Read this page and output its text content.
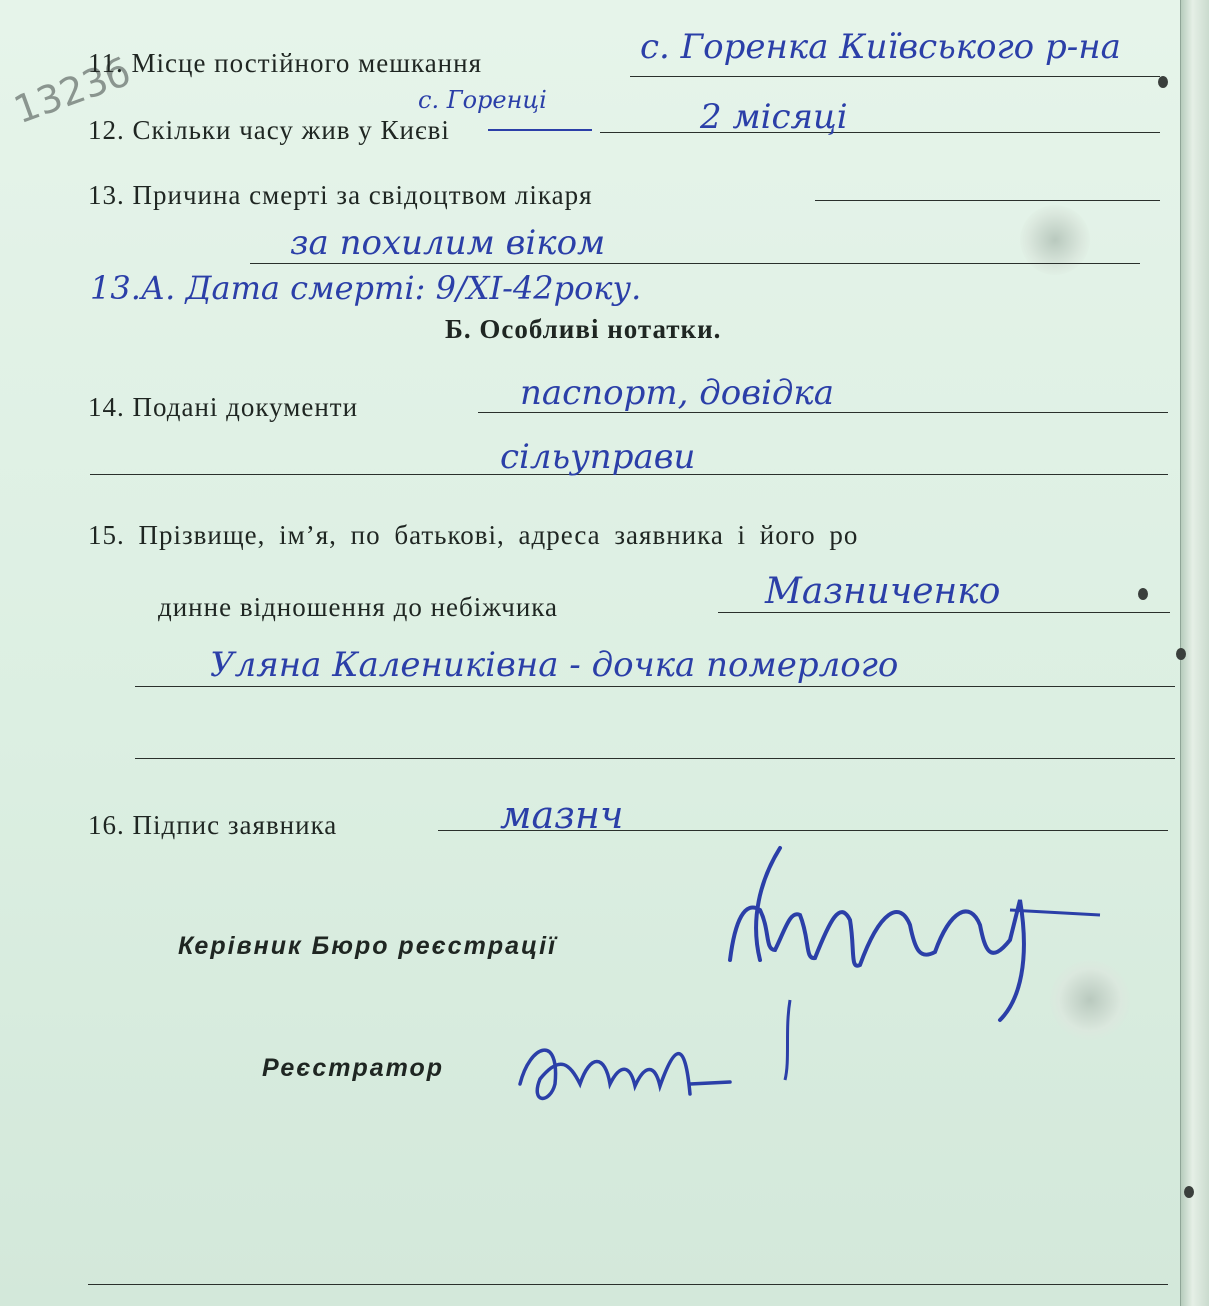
1323б
11. Місце постійного мешкання	с. Горенка Київського р-на
12. Скільки часу жив у Києві
с. Горенці	2 місяці
13. Причина смерті за свідоцтвом лікаря
за похилим віком
13.А. Дата смерті: 9/XI-42року.
Б. Особливі нотатки.
14. Подані документи	паспорт, довідка
сільуправи
15. Прізвище, ім’я, по батькові, адреса заявника і його ро
динне відношення до небіжчика	Мазниченко
Уляна Калениківна - дочка померлого
16. Підпис заявника	мазнч
Керівник Бюро реєстрації
Реєстратор
